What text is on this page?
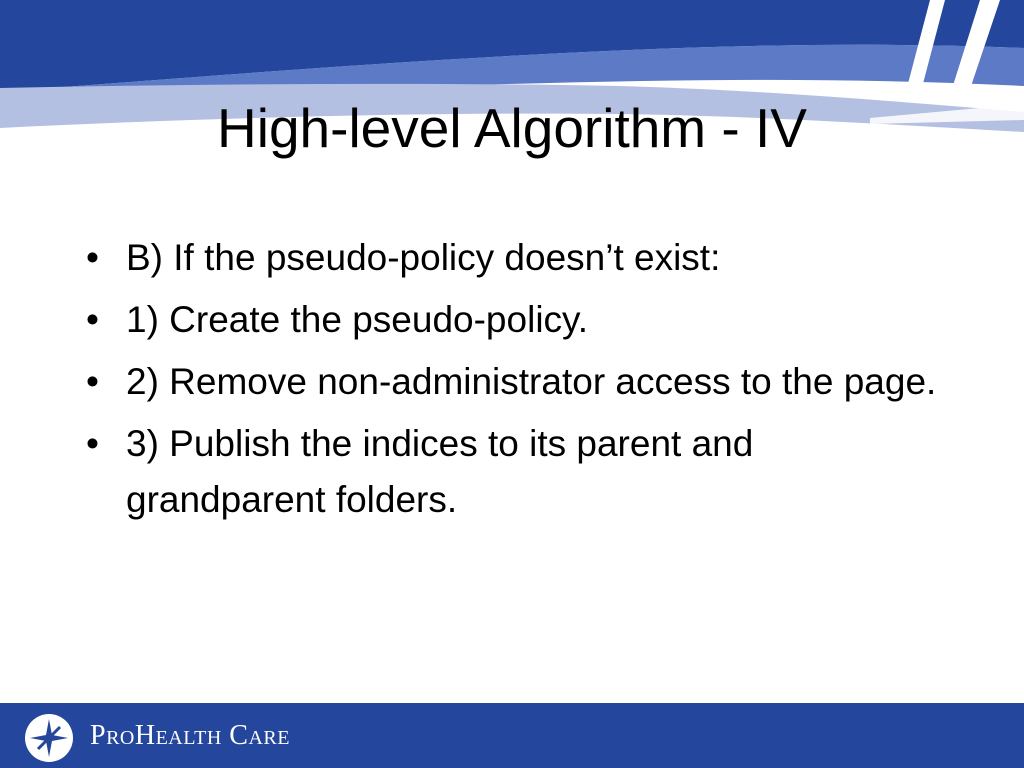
High-level Algorithm - IV
• B) If the pseudo-policy doesn’t exist:
• 1) Create the pseudo-policy.
• 2) Remove non-administrator access to the page.
• 3) Publish the indices to its parent and grandparent folders.
ProHealth Care
